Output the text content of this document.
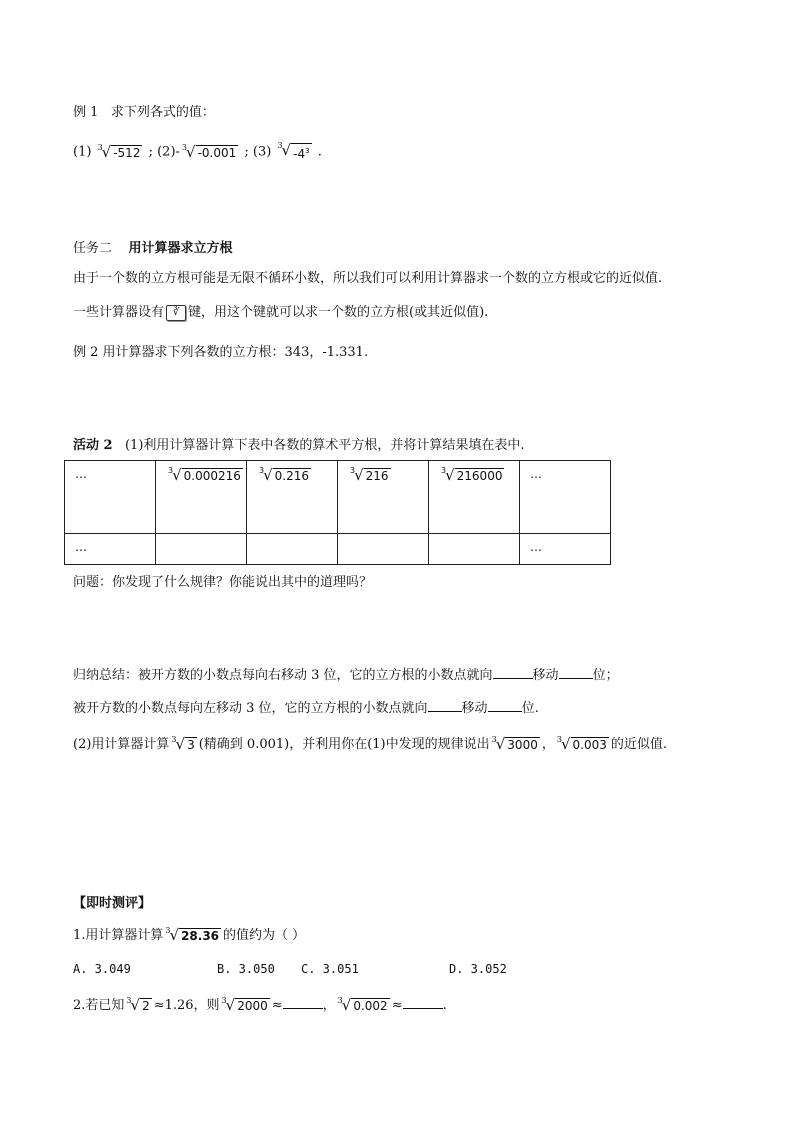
例 1 求下列各式的值：
(1) 3 √ -512 ; (2)- 3 √ -0.001 ; (3) 3 √ $-4^3$ .
任务二 用计算器求立方根
由于一个数的立方根可能是无限不循环小数，所以我们可以利用计算器求一个数的立方根或它的近似值.
一些计算器设有 ∛ 键，用这个键就可以求一个数的立方根(或其近似值).
例 2 用计算器求下列各数的立方根：343，-1.331.
活动 2 (1)利用计算器计算下表中各数的算术平方根，并将计算结果填在表中.
…	3 √ 0.000216	3 √ 0.216	3 √ 216	3 √ 216000	…

…					…
问题：你发现了什么规律？你能说出其中的道理吗？
归纳总结：被开方数的小数点每向右移动 3 位，它的立方根的小数点就向	移动	位；
被开方数的小数点每向左移动 3 位，它的立方根的小数点就向	移动	位.
(2)用计算器计算 3 √ 3 (精确到 0.001)，并利用你在(1)中发现的规律说出 3 √ 3000 ， 3 √ 0.003 的近似值.
【即时测评】
1.用计算器计算 3 √ 28.36 的值约为（ ）
A. 3.049	B. 3.050 C. 3.051	D. 3.052
2.若已知 3 √ 2 ≈1.26，则 3 √ 2000 ≈	， 3 √ 0.002 ≈	.
